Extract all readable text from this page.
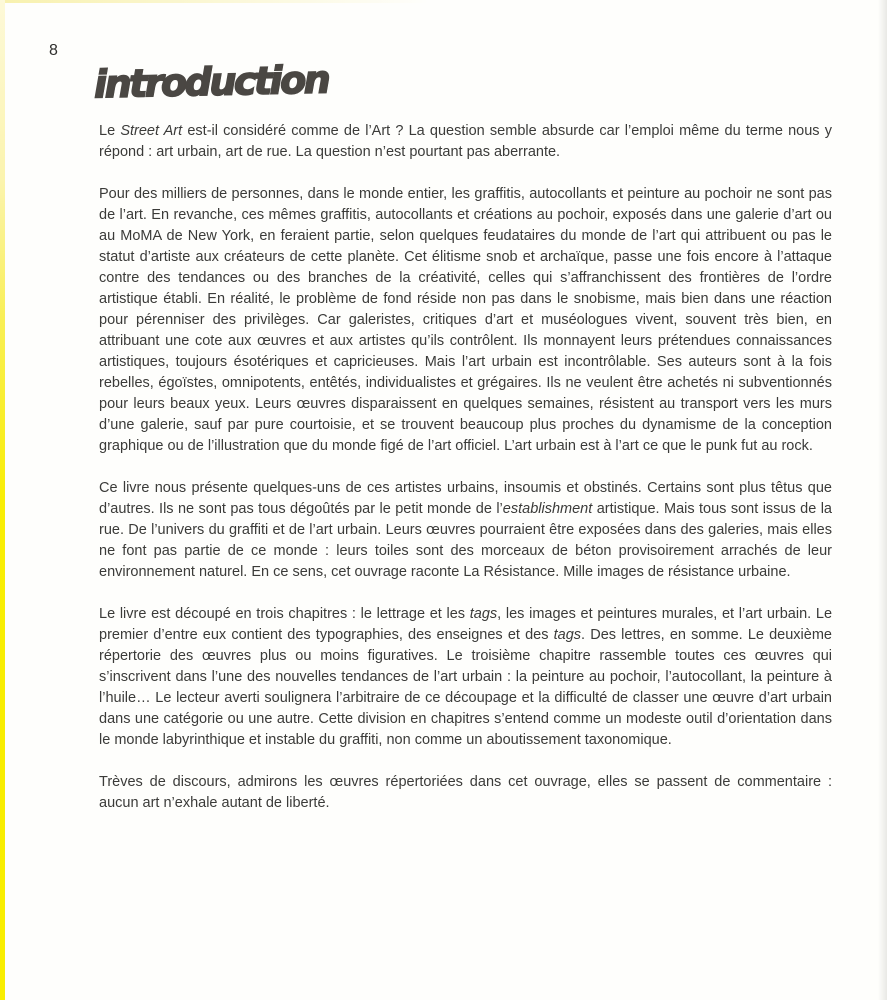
8
introduction

Le Street Art est-il considéré comme de l’Art ? La question semble absurde car l’emploi même du terme nous y répond : art urbain, art de rue. La question n’est pourtant pas aberrante.

Pour des milliers de personnes, dans le monde entier, les graffitis, autocollants et peinture au pochoir ne sont pas de l’art. En revanche, ces mêmes graffitis, autocollants et créations au pochoir, exposés dans une galerie d’art ou au MoMA de New York, en feraient partie, selon quelques feudataires du monde de l’art qui attribuent ou pas le statut d’artiste aux créateurs de cette planète. Cet élitisme snob et archaïque, passe une fois encore à l’attaque contre des tendances ou des branches de la créativité, celles qui s’affranchissent des frontières de l’ordre artistique établi. En réalité, le problème de fond réside non pas dans le snobisme, mais bien dans une réaction pour pérenniser des privilèges. Car galeristes, critiques d’art et muséologues vivent, souvent très bien, en attribuant une cote aux œuvres et aux artistes qu’ils contrôlent. Ils monnayent leurs prétendues connaissances artistiques, toujours ésotériques et capricieuses. Mais l’art urbain est incontrôlable. Ses auteurs sont à la fois rebelles, égoïstes, omnipotents, entêtés, individualistes et grégaires. Ils ne veulent être achetés ni subventionnés pour leurs beaux yeux. Leurs œuvres disparaissent en quelques semaines, résistent au transport vers les murs d’une galerie, sauf par pure courtoisie, et se trouvent beaucoup plus proches du dynamisme de la conception graphique ou de l’illustration que du monde figé de l’art officiel. L’art urbain est à l’art ce que le punk fut au rock.

Ce livre nous présente quelques-uns de ces artistes urbains, insoumis et obstinés. Certains sont plus têtus que d’autres. Ils ne sont pas tous dégoûtés par le petit monde de l’establishment artistique. Mais tous sont issus de la rue. De l’univers du graffiti et de l’art urbain. Leurs œuvres pourraient être exposées dans des galeries, mais elles ne font pas partie de ce monde : leurs toiles sont des morceaux de béton provisoirement arrachés de leur environnement naturel. En ce sens, cet ouvrage raconte La Résistance. Mille images de résistance urbaine.

Le livre est découpé en trois chapitres : le lettrage et les tags, les images et peintures murales, et l’art urbain. Le premier d’entre eux contient des typographies, des enseignes et des tags. Des lettres, en somme. Le deuxième répertorie des œuvres plus ou moins figuratives. Le troisième chapitre rassemble toutes ces œuvres qui s’inscrivent dans l’une des nouvelles tendances de l’art urbain : la peinture au pochoir, l’autocollant, la peinture à l’huile… Le lecteur averti soulignera l’arbitraire de ce découpage et la difficulté de classer une œuvre d’art urbain dans une catégorie ou une autre. Cette division en chapitres s’entend comme un modeste outil d’orientation dans le monde labyrinthique et instable du graffiti, non comme un aboutissement taxonomique.

Trèves de discours, admirons les œuvres répertoriées dans cet ouvrage, elles se passent de commentaire : aucun art n’exhale autant de liberté.
